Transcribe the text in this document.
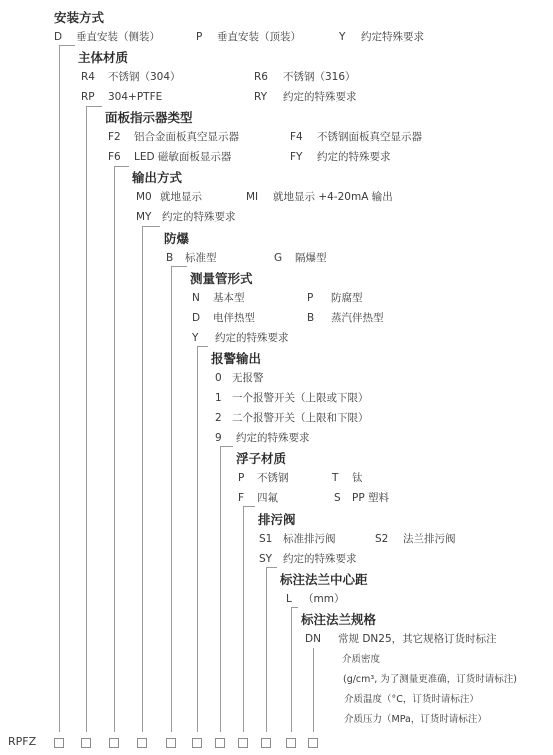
安装方式
D 垂直安装（侧装）	P 垂直安装（顶装）	Y 约定特殊要求
主体材质
R4 不锈钢（304）	R6 不锈钢（316）
RP 304+PTFE	RY 约定的特殊要求
面板指示器类型
F2 铝合金面板真空显示器	F4 不锈钢面板真空显示器
F6 LED 磁敏面板显示器	FY 约定的特殊要求
输出方式
M0 就地显示	MI 就地显示 +4-20mA 输出
MY 约定的特殊要求
防爆
B 标准型	G 隔爆型
测量管形式
N 基本型	P 防腐型
D 电伴热型	B 蒸汽伴热型
Y 约定的特殊要求
报警输出
0 无报警
1 一个报警开关（上限或下限）
2 二个报警开关（上限和下限）
9 约定的特殊要求
浮子材质
P 不锈钢	T 钛
F 四氟	S PP 塑料
排污阀
S1 标准排污阀	S2 法兰排污阀
SY 约定的特殊要求
标注法兰中心距
L （mm）
标注法兰规格
DN 常规 DN25，其它规格订货时标注
介质密度
(g/cm³, 为了测量更准确，订货时请标注)
介质温度（°C，订货时请标注）
介质压力（MPa，订货时请标注）
RPFZ
